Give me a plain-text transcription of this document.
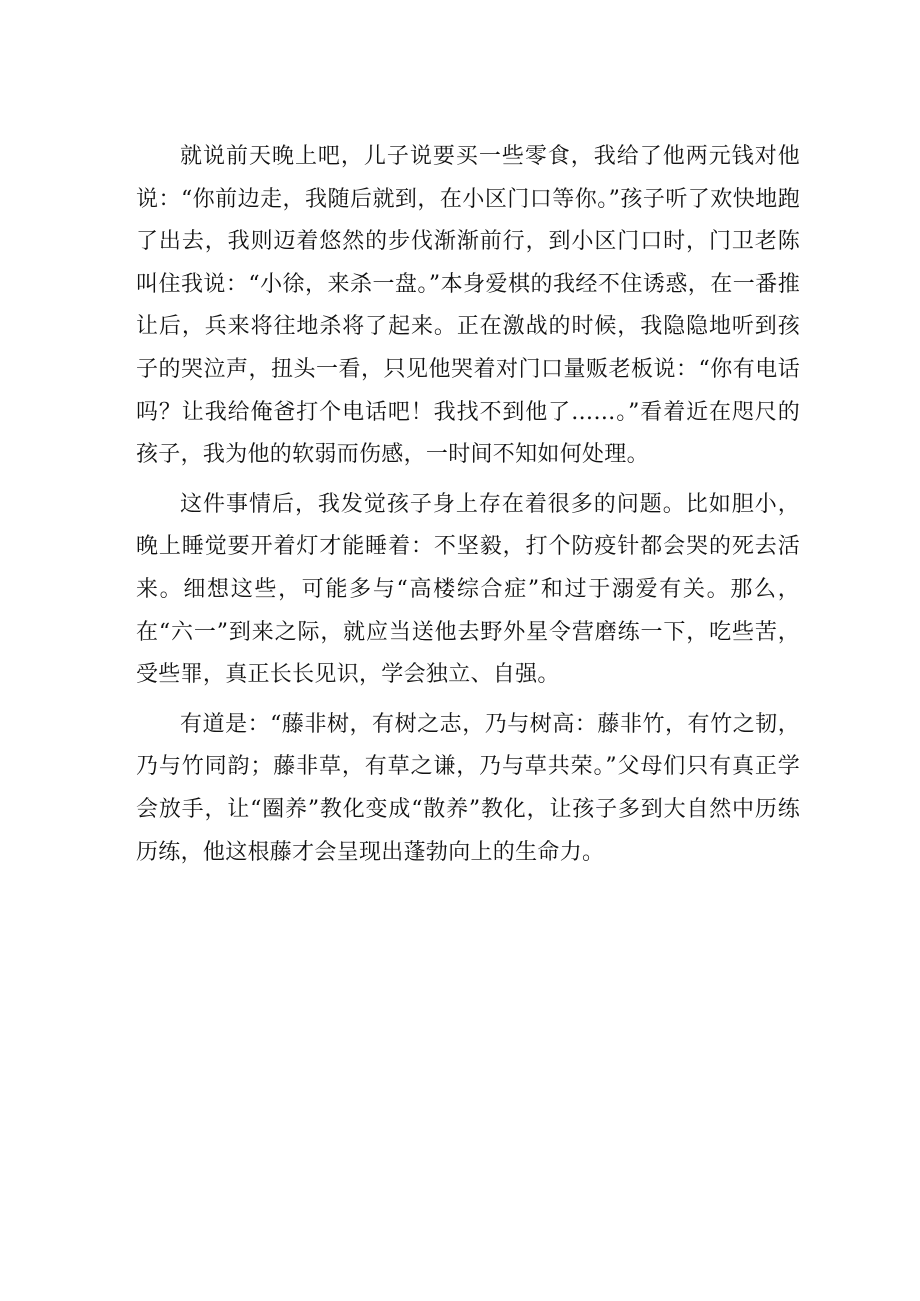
就说前天晚上吧，儿子说要买一些零食，我给了他两元钱对他说：“你前边走，我随后就到，在小区门口等你。”孩子听了欢快地跑了出去，我则迈着悠然的步伐渐渐前行，到小区门口时，门卫老陈叫住我说：“小徐，来杀一盘。”本身爱棋的我经不住诱惑，在一番推让后，兵来将往地杀将了起来。正在激战的时候，我隐隐地听到孩子的哭泣声，扭头一看，只见他哭着对门口量贩老板说：“你有电话吗？让我给俺爸打个电话吧！我找不到他了……。”看着近在咫尺的孩子，我为他的软弱而伤感，一时间不知如何处理。

这件事情后，我发觉孩子身上存在着很多的问题。比如胆小，晚上睡觉要开着灯才能睡着：不坚毅，打个防疫针都会哭的死去活来。细想这些，可能多与“高楼综合症”和过于溺爱有关。那么，在“六一”到来之际，就应当送他去野外星令营磨练一下，吃些苦，受些罪，真正长长见识，学会独立、自强。

有道是：“藤非树，有树之志，乃与树高：藤非竹，有竹之韧，乃与竹同韵；藤非草，有草之谦，乃与草共荣。”父母们只有真正学会放手，让“圈养”教化变成“散养”教化，让孩子多到大自然中历练历练，他这根藤才会呈现出蓬勃向上的生命力。
